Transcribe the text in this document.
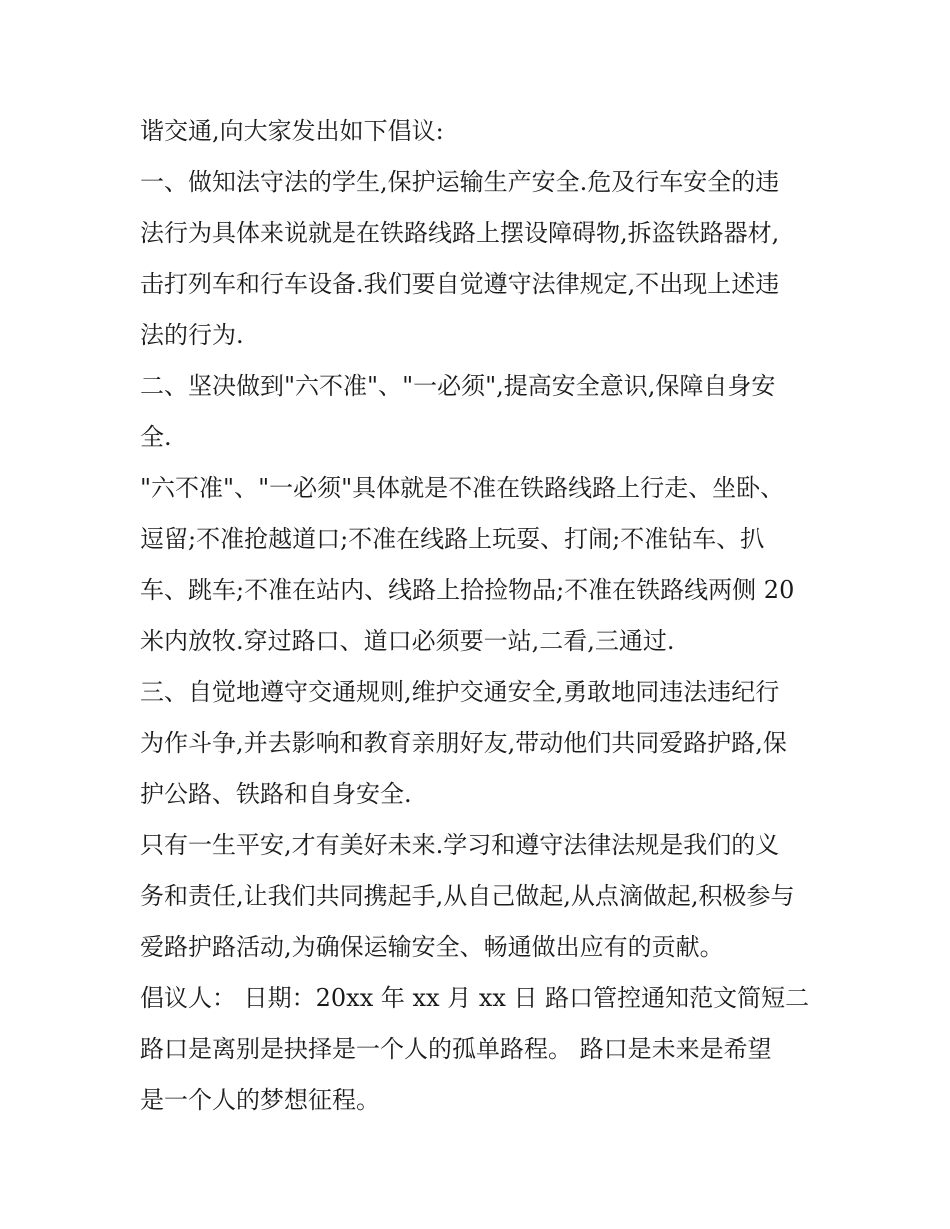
谐交通,向大家发出如下倡议:
一、做知法守法的学生,保护运输生产安全.危及行车安全的违
法行为具体来说就是在铁路线路上摆设障碍物,拆盗铁路器材,
击打列车和行车设备.我们要自觉遵守法律规定,不出现上述违
法的行为.
二、坚决做到"六不准"、"一必须",提高安全意识,保障自身安
全.
"六不准"、"一必须"具体就是不准在铁路线路上行走、坐卧、
逗留;不准抢越道口;不准在线路上玩耍、打闹;不准钻车、扒
车、跳车;不准在站内、线路上拾捡物品;不准在铁路线两侧 20
米内放牧.穿过路口、道口必须要一站,二看,三通过.
三、自觉地遵守交通规则,维护交通安全,勇敢地同违法违纪行
为作斗争,并去影响和教育亲朋好友,带动他们共同爱路护路,保
护公路、铁路和自身安全.
只有一生平安,才有美好未来.学习和遵守法律法规是我们的义
务和责任,让我们共同携起手,从自己做起,从点滴做起,积极参与
爱路护路活动,为确保运输安全、畅通做出应有的贡献。
倡议人： 日期：20xx 年 xx 月 xx 日 路口管控通知范文简短二
路口是离别是抉择是一个人的孤单路程。 路口是未来是希望
是一个人的梦想征程。
